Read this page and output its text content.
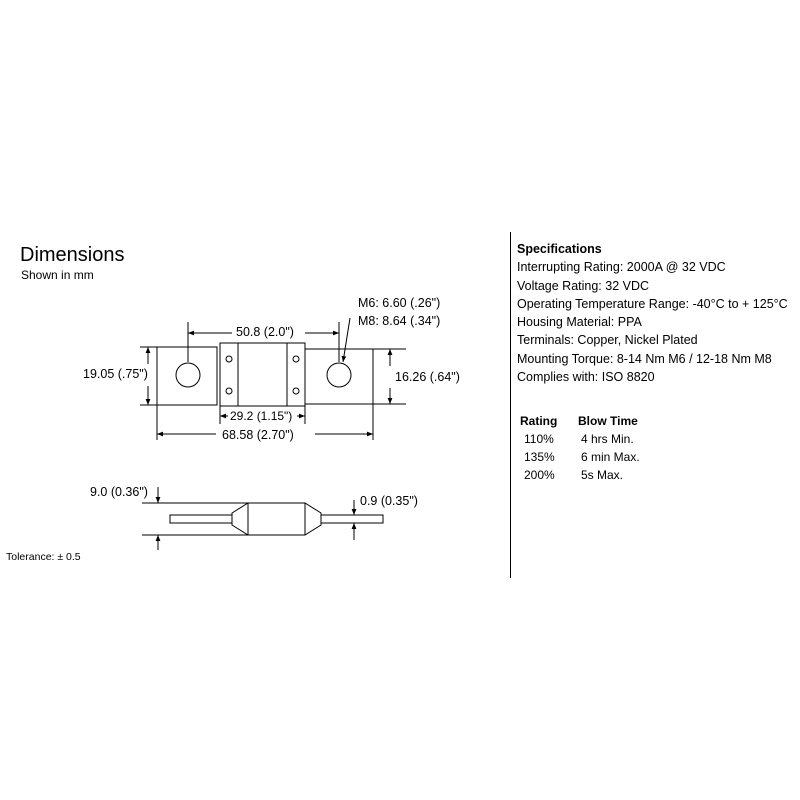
Dimensions
Shown in mm
50.8 (2.0")
M6: 6.60 (.26")
M8: 8.64 (.34")
19.05 (.75")	16.26 (.64")
29.2 (1.15")
68.58 (2.70")
9.0 (0.36")
0.9 (0.35")
Tolerance: ± 0.5
Specifications
Interrupting Rating: 2000A @ 32 VDC
Voltage Rating: 32 VDC
Operating Temperature Range: -40°C to + 125°C
Housing Material: PPA
Terminals: Copper, Nickel Plated
Mounting Torque: 8-14 Nm M6 / 12-18 Nm M8
Complies with: ISO 8820
Rating Blow Time
110% 4 hrs Min.
135% 6 min Max.
200% 5s Max.
